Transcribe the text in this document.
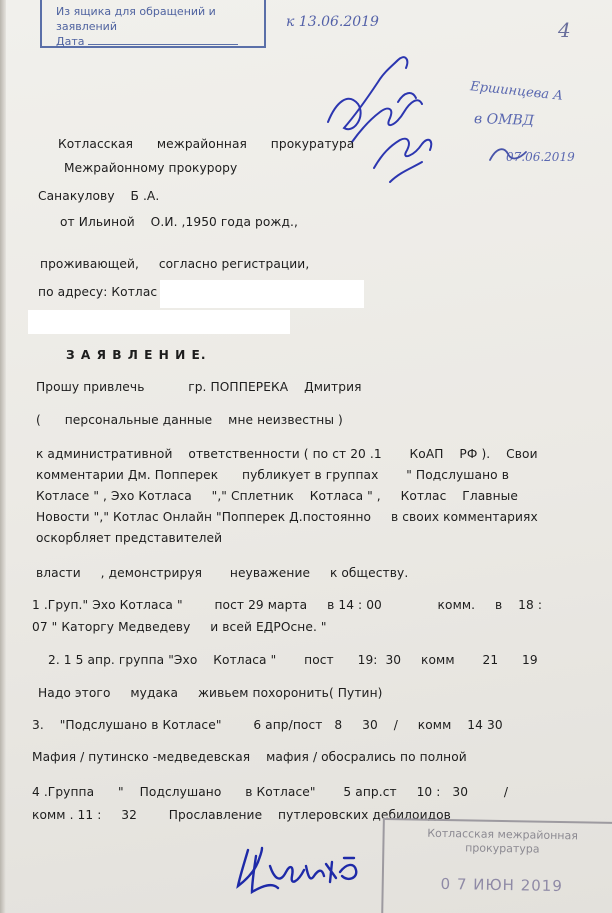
Из ящика для обращений и заявлений
Дата
к 13.06.2019	4
Ершинцева А
в ОМВД
07.06.2019
Котласская      межрайонная      прокуратура
Межрайонному прокурору
Санакулову    Б .А.
от Ильиной    О.И. ,1950 года рожд.,
проживающей,     согласно регистрации,
по адресу: Котлас
З А Я В Л Е Н И Е.
Прошу привлечь           гр. ПОППЕРЕКА    Дмитрия
(      персональные данные    мне неизвестны )
к административной    ответственности ( по ст 20 .1       КоАП    РФ ).    Свои
комментарии Дм. Попперек      публикует в группах       " Подслушано в
Котласе " , Эхо Котласа     "," Сплетник    Котласа " ,     Котлас    Главные
Новости "," Котлас Онлайн "Попперек Д.постоянно     в своих комментариях
оскорбляет представителей
власти     , демонстрируя       неуважение     к обществу.
1 .Груп." Эхо Котласа "        пост 29 марта     в 14 : 00              комм.     в    18 :
07 " Каторгу Медведеву     и всей ЕДРОсне. "
2. 1 5 апр. группа "Эхо    Котласа "       пост      19:  30     комм       21      19
Надо этого     мудака     живьем похоронить( Путин)
3.    "Подслушано в Котласе"        6 апр/пост   8     30    /     комм    14 30
Мафия / путинско -медведевская    мафия / обосрались по полной
4 .Группа      "    Подслушано      в Котласе"       5 апр.ст     10 :   30         /
комм . 11 :     32        Прославление    путлеровских дебилоидов
Котласская межрайонная
прокуратура
0 7 ИЮН 2019
